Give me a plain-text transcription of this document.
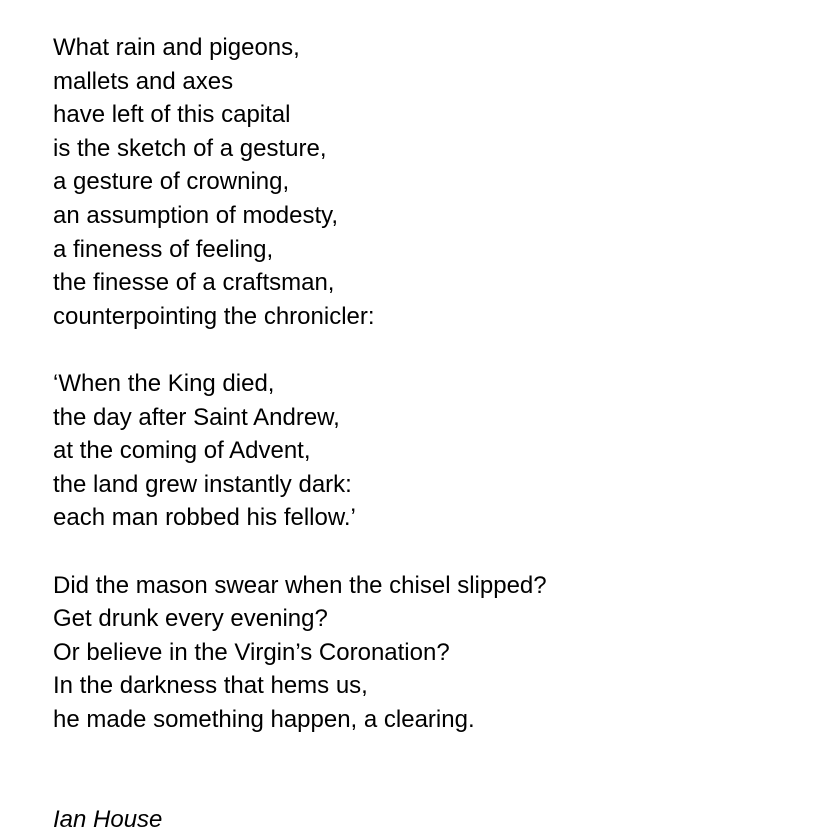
What rain and pigeons,
mallets and axes
have left of this capital
is the sketch of a gesture,
a gesture of crowning,
an assumption of modesty,
a fineness of feeling,
the finesse of a craftsman,
counterpointing the chronicler:
‘When the King died,
the day after Saint Andrew,
at the coming of Advent,
the land grew instantly dark:
each man robbed his fellow.’
Did the mason swear when the chisel slipped?
Get drunk every evening?
Or believe in the Virgin’s Coronation?
In the darkness that hems us,
he made something happen, a clearing.
Ian House
